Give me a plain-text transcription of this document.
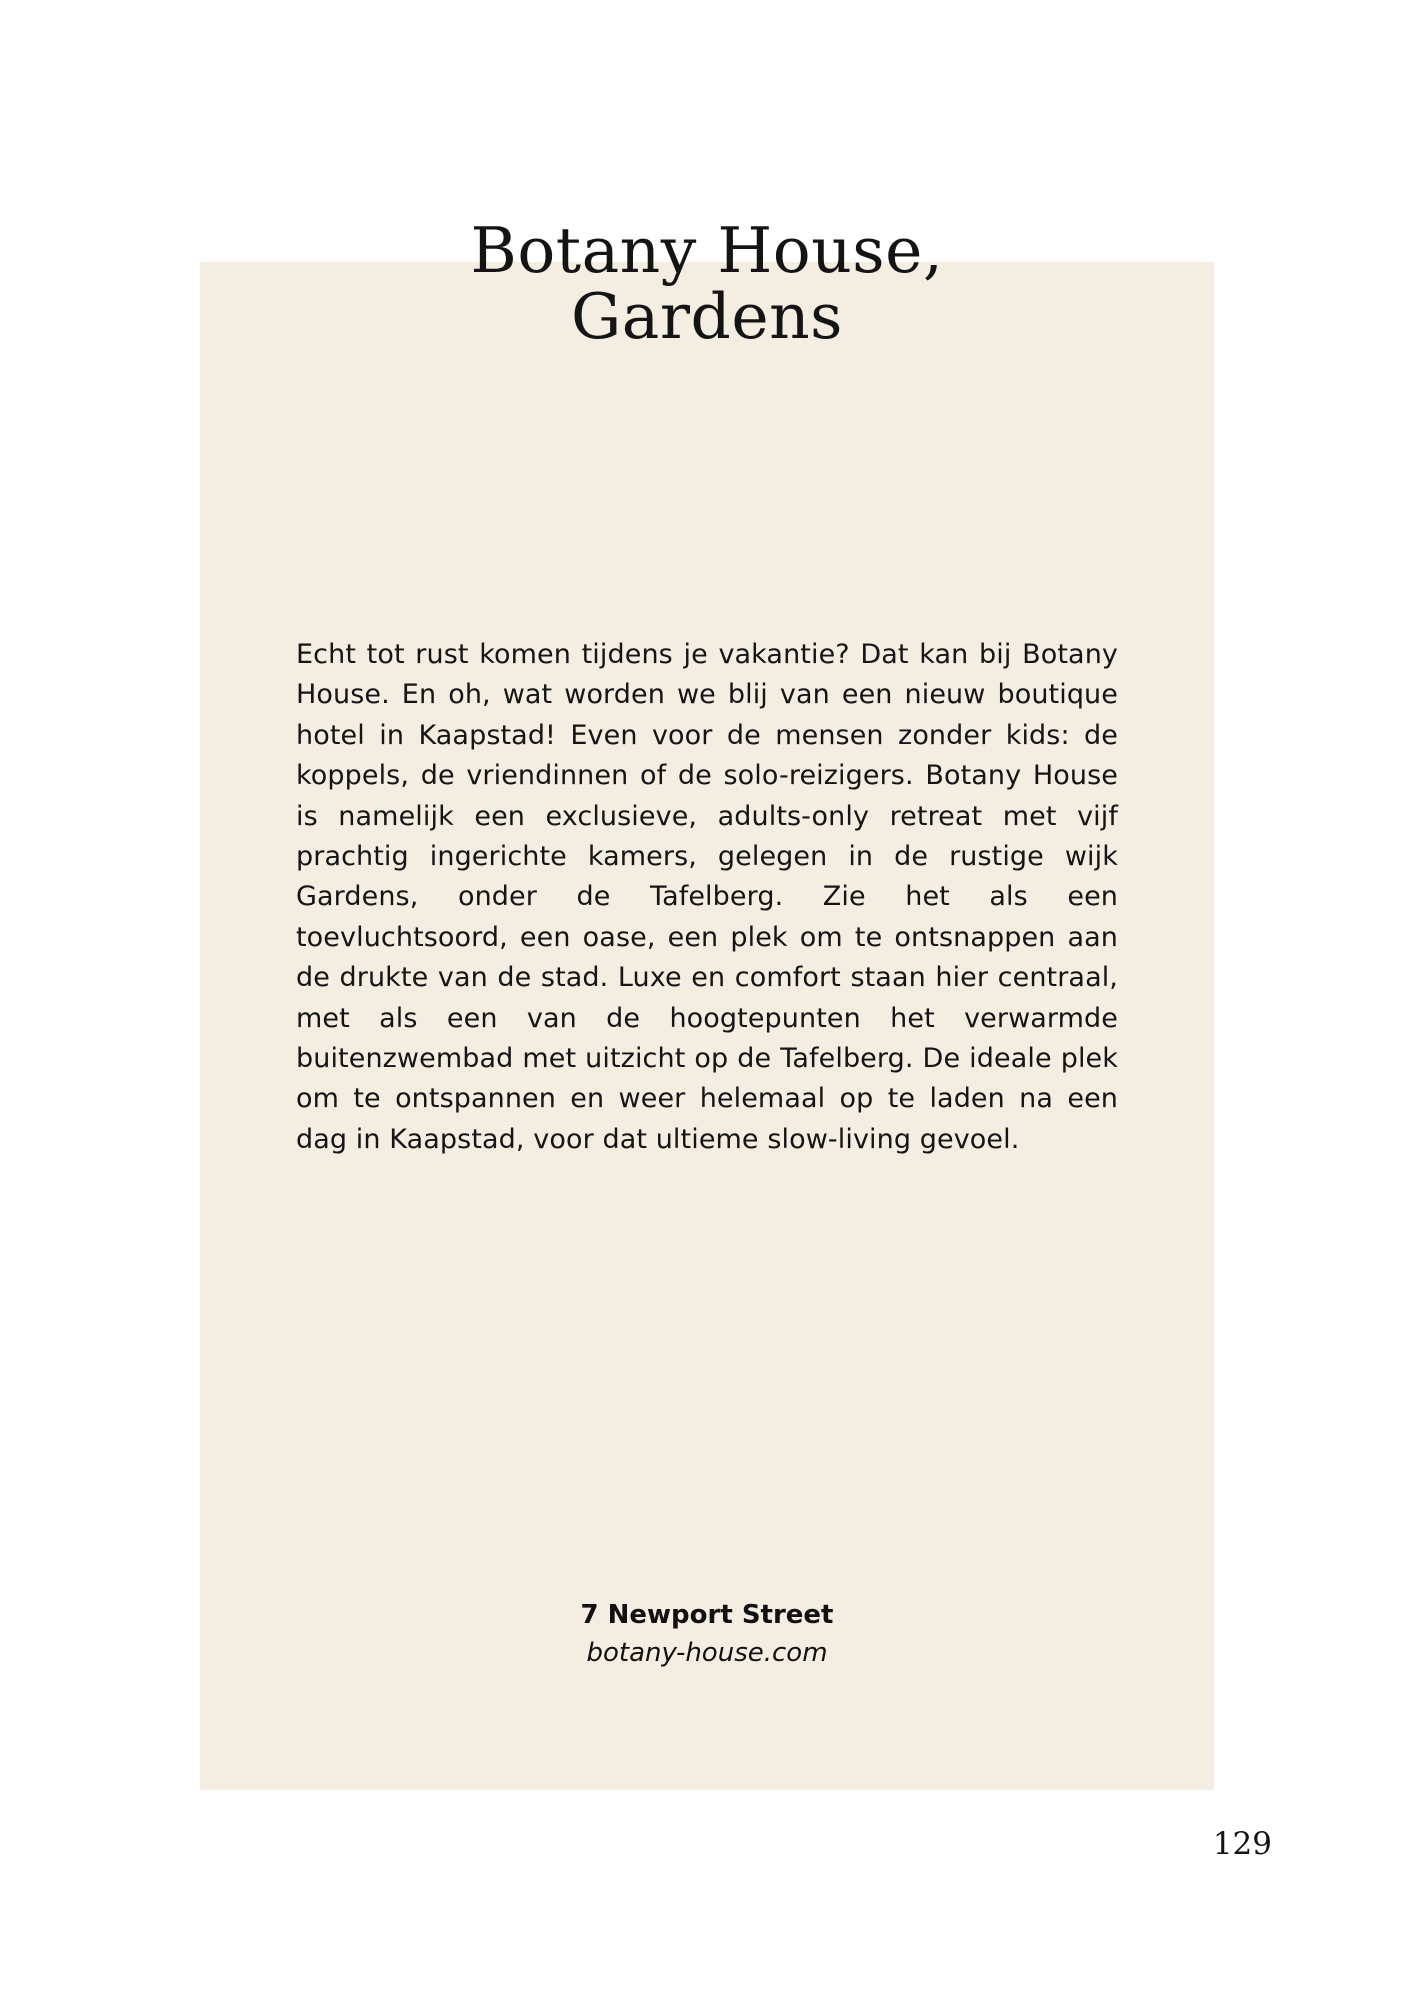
Botany House,
Gardens

Echt tot rust komen tijdens je vakantie? Dat kan bij Botany House. En oh, wat worden we blij van een nieuw boutique hotel in Kaapstad! Even voor de mensen zonder kids: de koppels, de vriendinnen of de solo-reizigers. Botany House is namelijk een exclusieve, adults-only retreat met vijf prachtig ingerichte kamers, gelegen in de rustige wijk Gardens, onder de Tafelberg. Zie het als een toevluchtsoord, een oase, een plek om te ontsnappen aan de drukte van de stad. Luxe en comfort staan hier centraal, met als een van de hoogtepunten het verwarmde buitenzwembad met uitzicht op de Tafelberg. De ideale plek om te ontspannen en weer helemaal op te laden na een dag in Kaapstad, voor dat ultieme slow-living gevoel.

7 Newport Street
botany-house.com
129
